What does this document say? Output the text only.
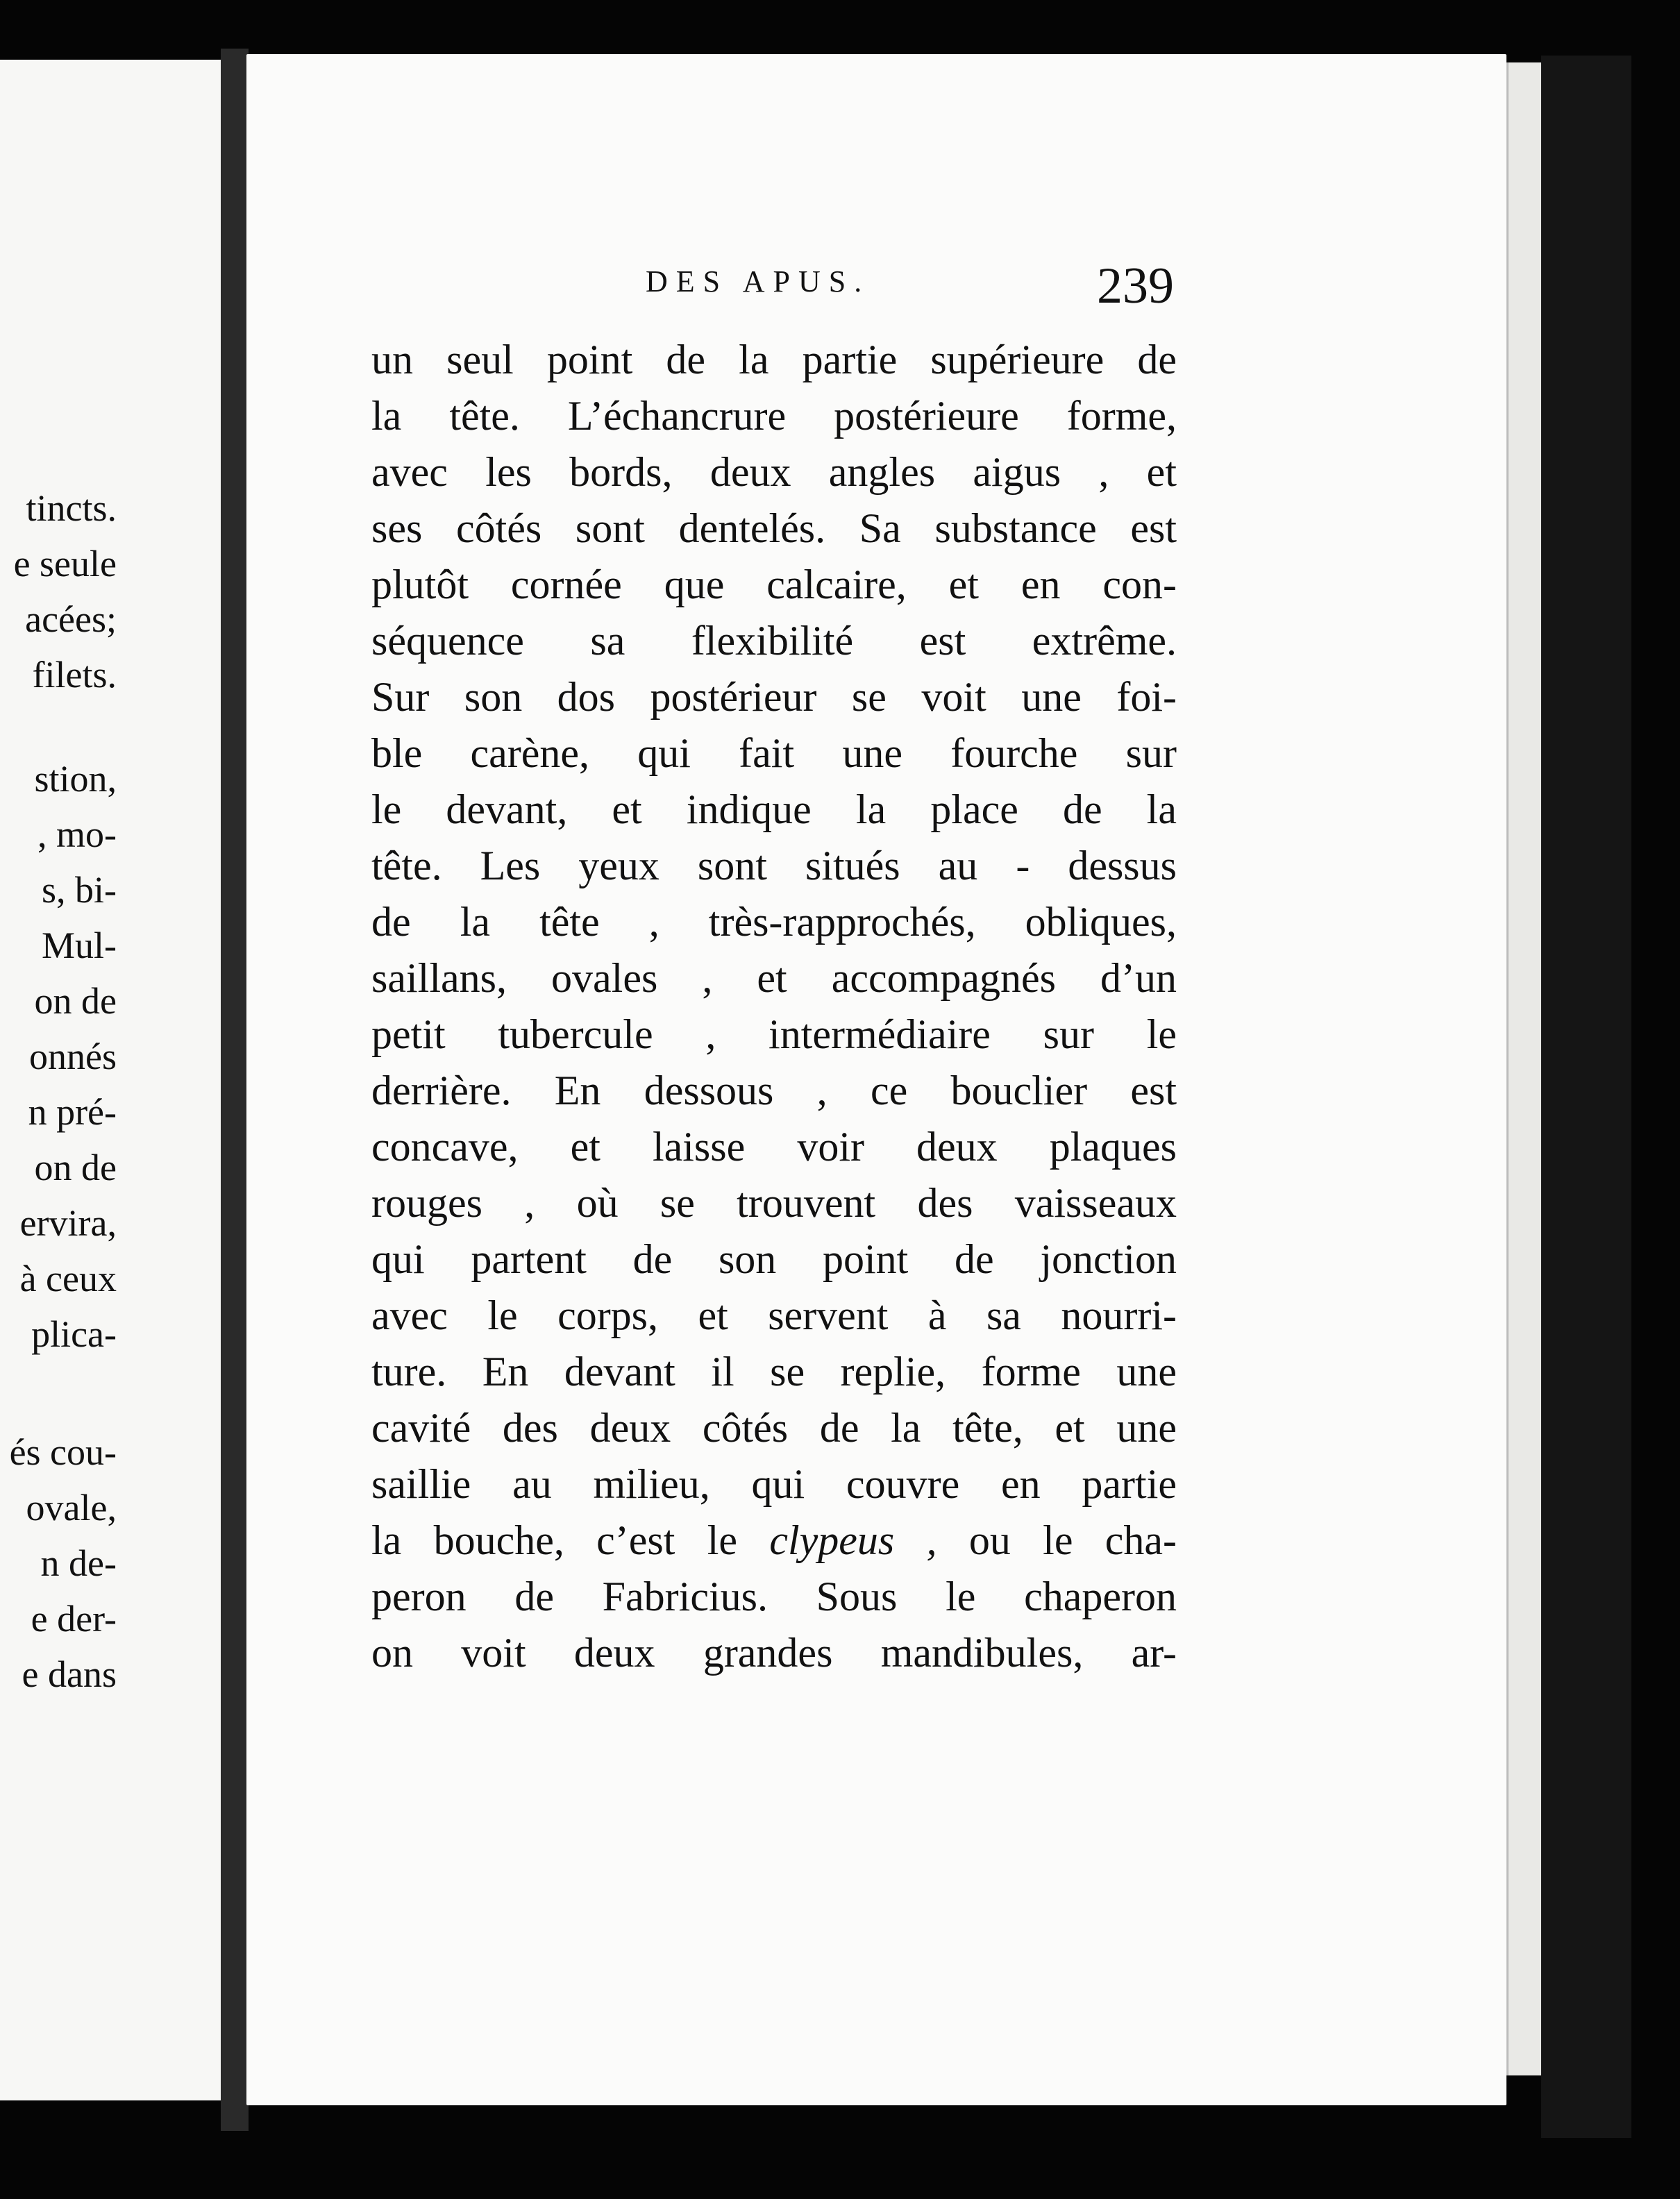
tincts.
e seule
acées;
filets.
stion,
, mo-
s, bi-
Mul-
on de
onnés
n pré-
on de
ervira,
à ceux
plica-
és cou-
ovale,
n de-
e der-
e dans
DES APUS.	239
un seul point de la partie supérieure de
la tête. L’échancrure postérieure forme,
avec les bords, deux angles aigus , et
ses côtés sont dentelés. Sa substance est
plutôt cornée que calcaire, et en con-
séquence sa flexibilité est extrême.
Sur son dos postérieur se voit une foi-
ble carène, qui fait une fourche sur
le devant, et indique la place de la
tête. Les yeux sont situés au - dessus
de la tête , très-rapprochés, obliques,
saillans, ovales , et accompagnés d’un
petit tubercule , intermédiaire sur le
derrière. En dessous , ce bouclier est
concave, et laisse voir deux plaques
rouges , où se trouvent des vaisseaux
qui partent de son point de jonction
avec le corps, et servent à sa nourri-
ture. En devant il se replie, forme une
cavité des deux côtés de la tête, et une
saillie au milieu, qui couvre en partie
la bouche, c’est le clypeus , ou le cha-
peron de Fabricius. Sous le chaperon
on voit deux grandes mandibules, ar-
